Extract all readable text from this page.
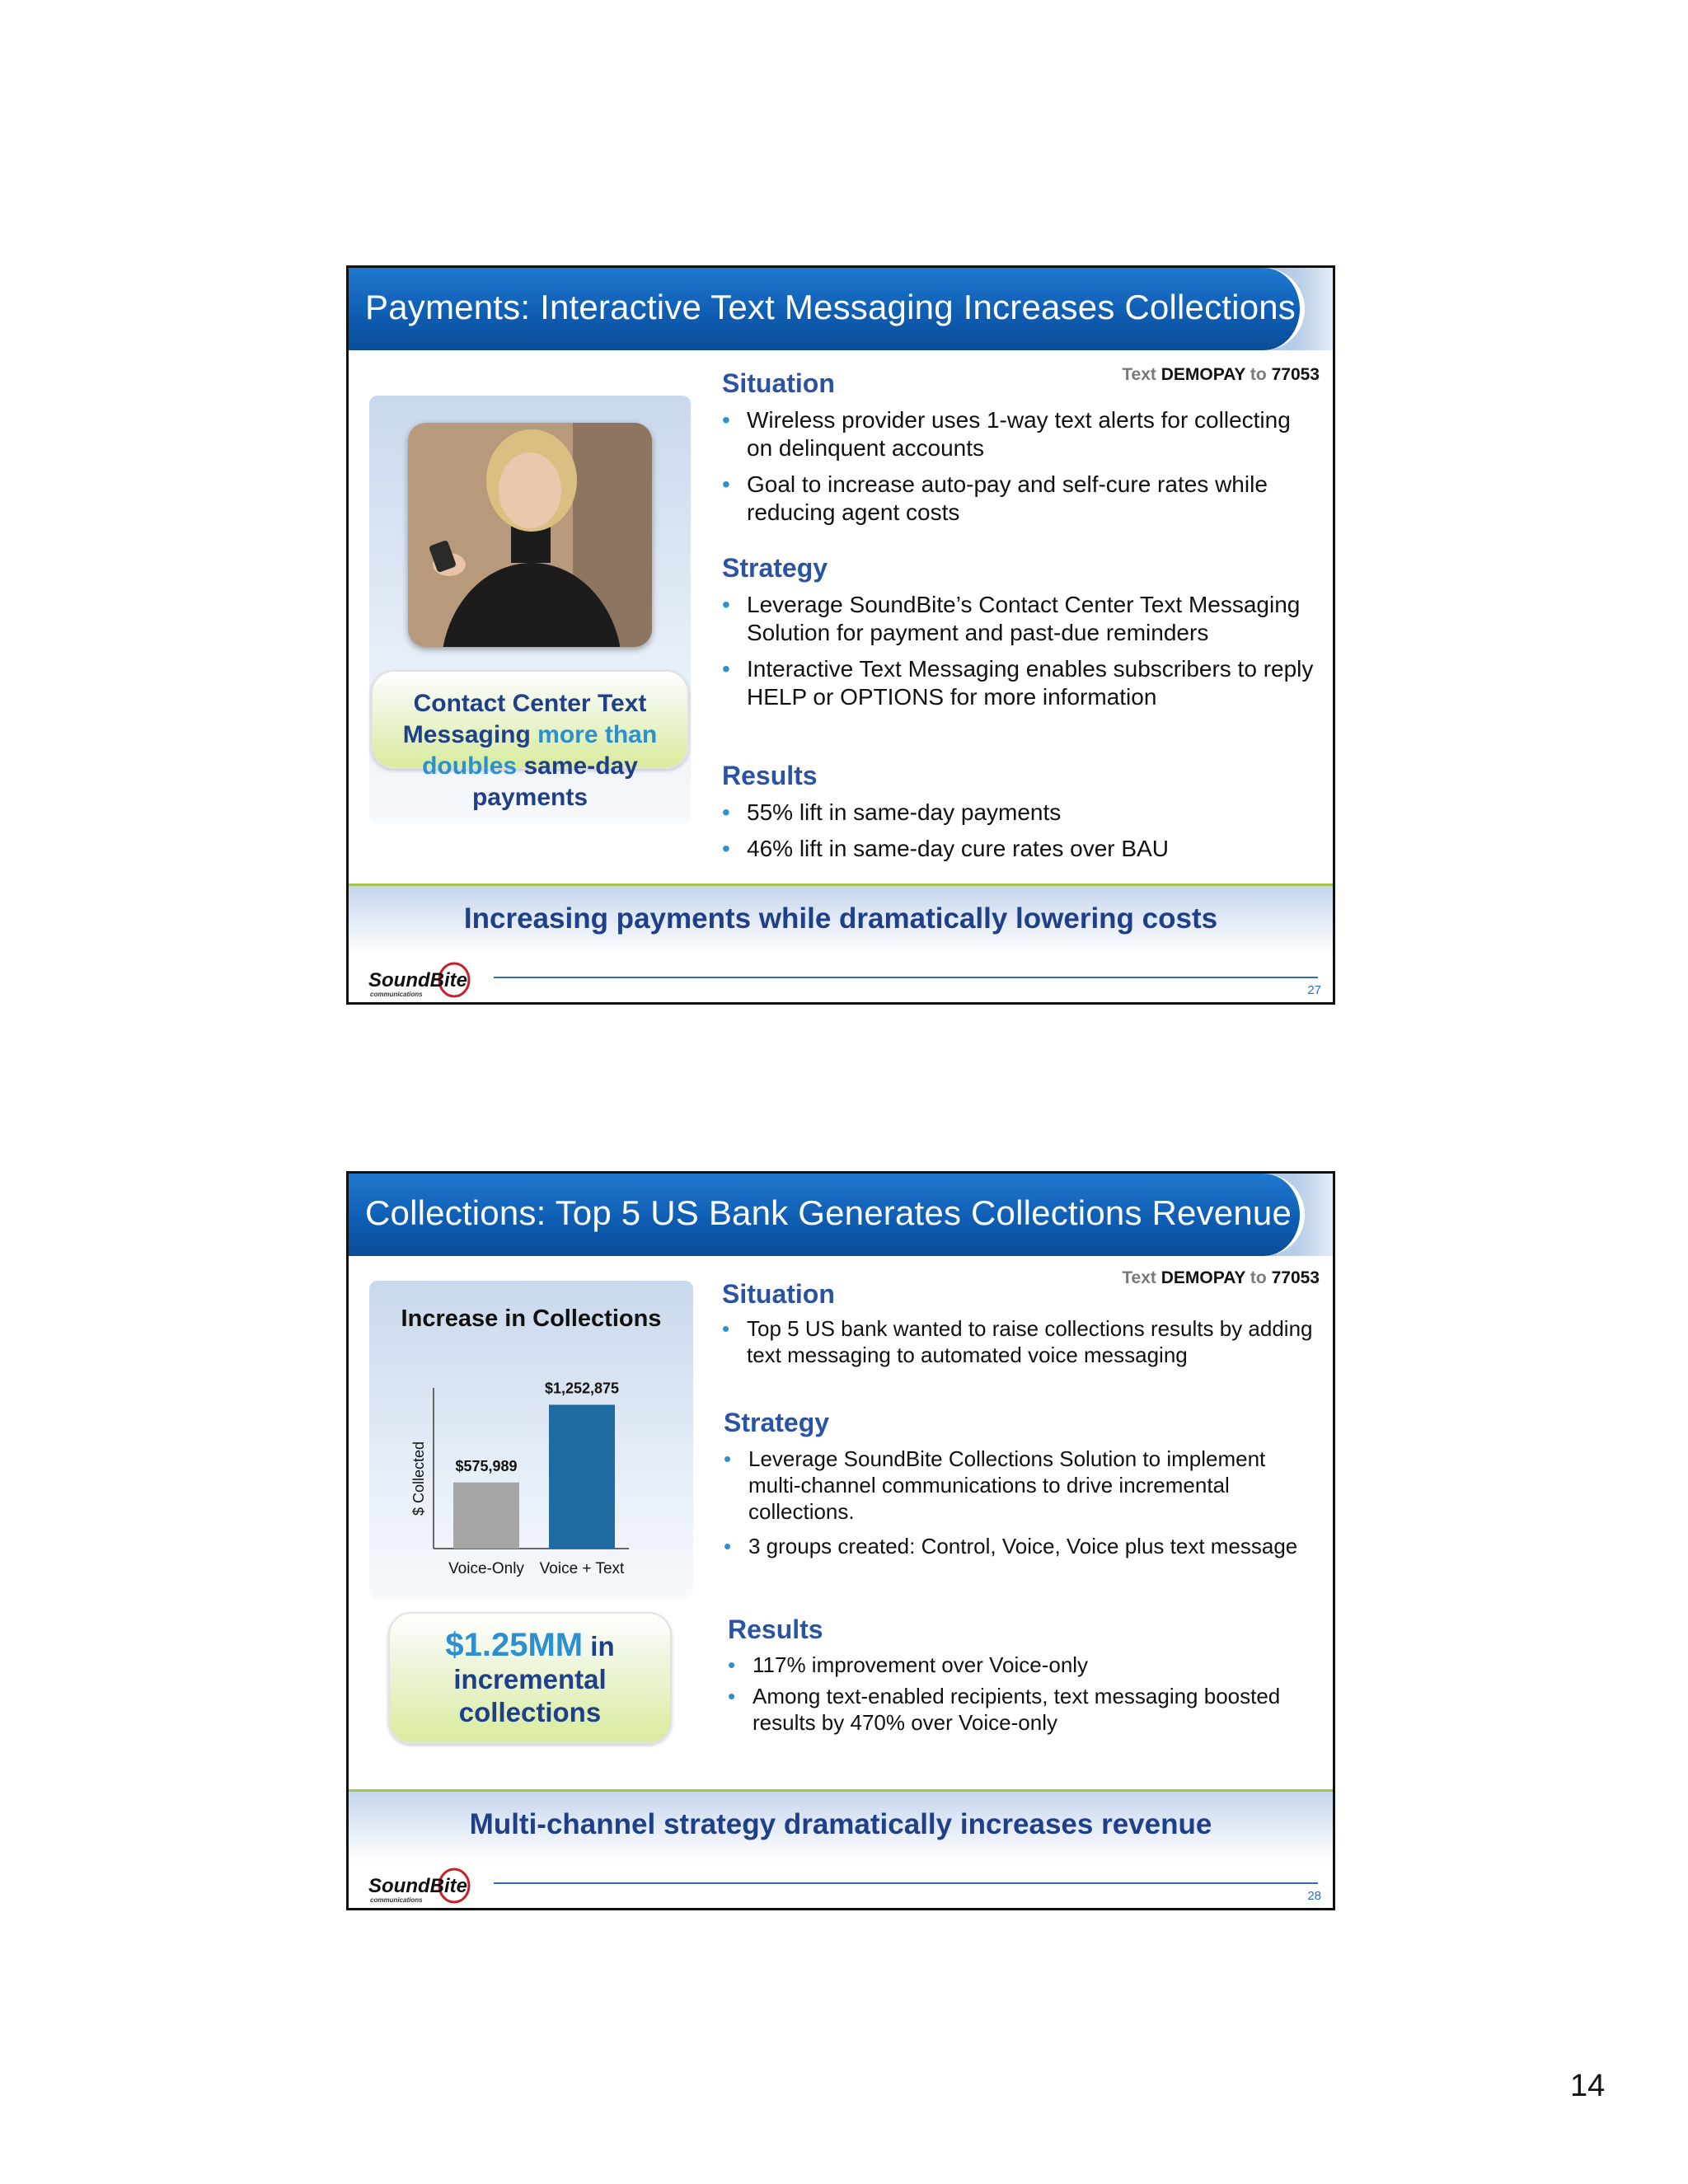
Payments: Interactive Text Messaging Increases Collections
Text DEMOPAY to 77053
Contact Center Text Messaging more than doubles same-day payments
Situation
• Wireless provider uses 1-way text alerts for collecting on delinquent accounts
• Goal to increase auto-pay and self-cure rates while reducing agent costs
Strategy
• Leverage SoundBite’s Contact Center Text Messaging Solution for payment and past-due reminders
• Interactive Text Messaging enables subscribers to reply HELP or OPTIONS for more information
Results
• 55% lift in same-day payments
• 46% lift in same-day cure rates over BAU
Increasing payments while dramatically lowering costs
SoundBite
communications	27
Collections: Top 5 US Bank Generates Collections Revenue
Text DEMOPAY to 77053
Increase in Collections
$ Collected $575,989
Voice-Only
$1,252,875
Voice + Text
$1.25MM in
incremental collections
Situation
• Top 5 US bank wanted to raise collections results by adding text messaging to automated voice messaging
Strategy
• Leverage SoundBite Collections Solution to implement multi-channel communications to drive incremental collections.
• 3 groups created: Control, Voice, Voice plus text message
Results
• 117% improvement over Voice-only
• Among text-enabled recipients, text messaging boosted results by 470% over Voice-only
Multi-channel strategy dramatically increases revenue
SoundBite
communications	28
14
